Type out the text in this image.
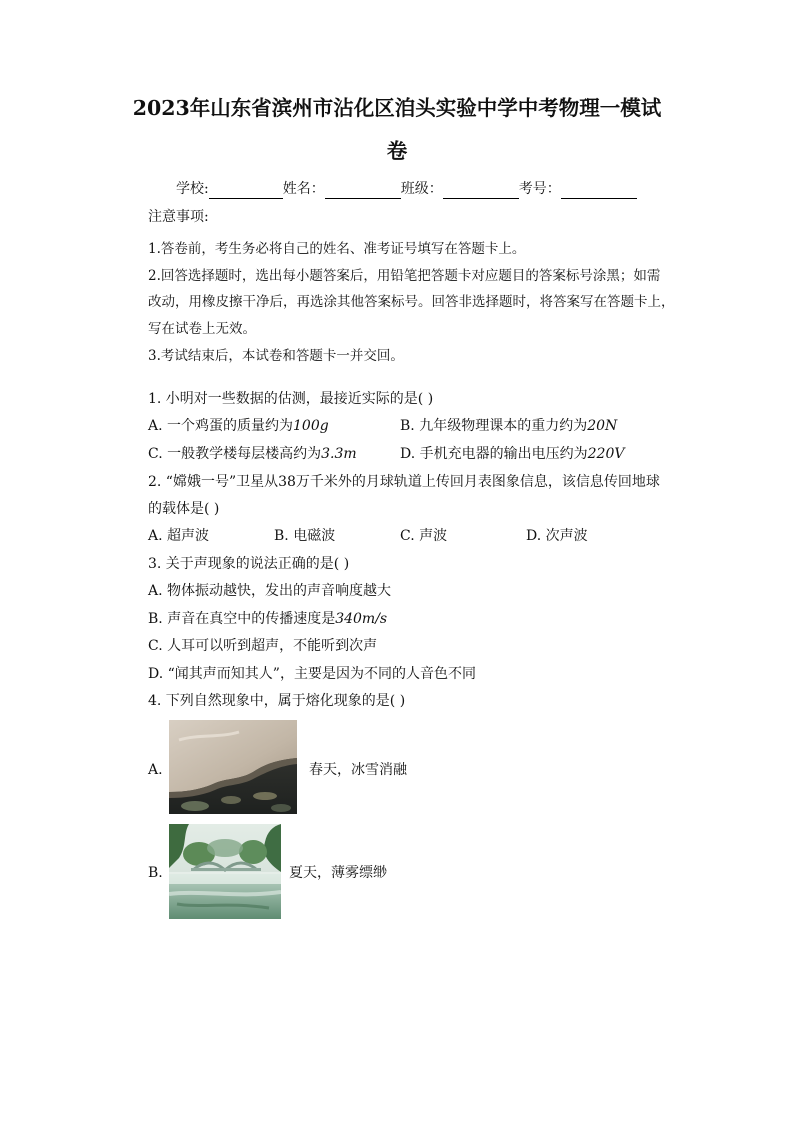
2023年山东省滨州市沾化区洎头实验中学中考物理一模试
卷
学校:	姓名：	班级：	考号：
注意事项:
1.答卷前，考生务必将自己的姓名、准考证号填写在答题卡上。
2.回答选择题时，选出每小题答案后，用铅笔把答题卡对应题目的答案标号涂黑；如需
改动，用橡皮擦干净后，再选涂其他答案标号。回答非选择题时，将答案写在答题卡上，
写在试卷上无效。
3.考试结束后，本试卷和答题卡一并交回。
1. 小明对一些数据的估测，最接近实际的是( )
A. 一个鸡蛋的质量约为100g	B. 九年级物理课本的重力约为20N
C. 一般教学楼每层楼高约为3.3m	D. 手机充电器的输出电压约为220V
2. “嫦娥一号”卫星从38万千米外的月球轨道上传回月表图象信息，该信息传回地球
的载体是( )
A. 超声波	B. 电磁波	C. 声波	D. 次声波
3. 关于声现象的说法正确的是( )
A. 物体振动越快，发出的声音响度越大
B. 声音在真空中的传播速度是340m/s
C. 人耳可以听到超声，不能听到次声
D. “闻其声而知其人”，主要是因为不同的人音色不同
4. 下列自然现象中，属于熔化现象的是( )
A.	春天，冰雪消融
B.	夏天，薄雾缥缈
